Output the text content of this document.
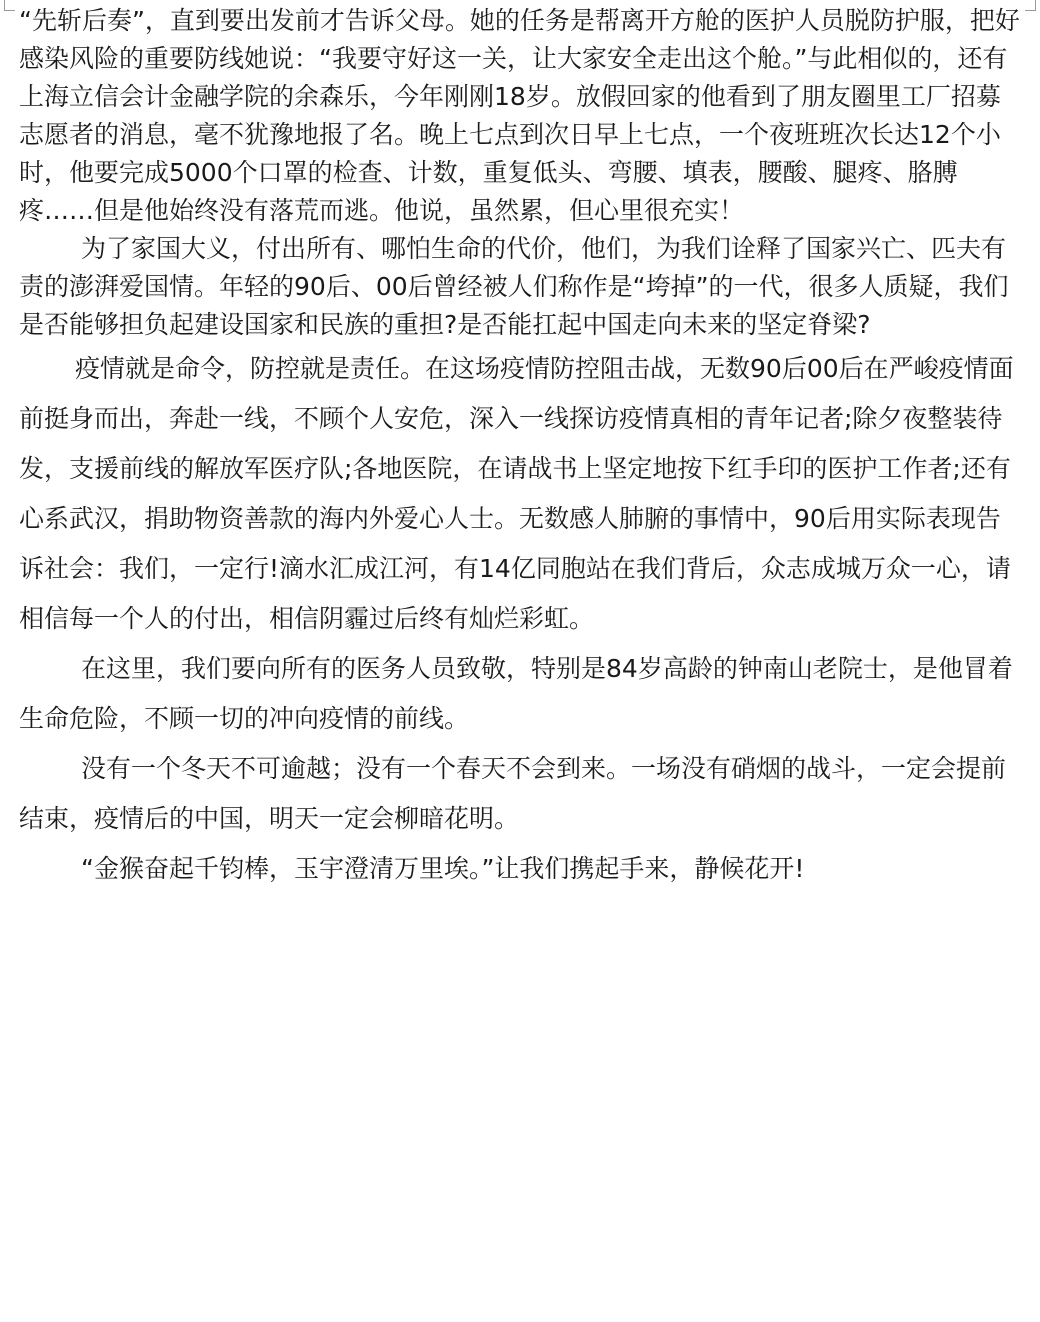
“先斩后奏”，直到要出发前才告诉父母。她的任务是帮离开方舱的医护人员脱防护服，把好感染风险的重要防线她说：“我要守好这一关，让大家安全走出这个舱。”与此相似的，还有上海立信会计金融学院的余森乐，今年刚刚18岁。放假回家的他看到了朋友圈里工厂招募志愿者的消息，毫不犹豫地报了名。晚上七点到次日早上七点，一个夜班班次长达12个小时，他要完成5000个口罩的检查、计数，重复低头、弯腰、填表，腰酸、腿疼、胳膊疼……但是他始终没有落荒而逃。他说，虽然累，但心里很充实！

为了家国大义，付出所有、哪怕生命的代价，他们，为我们诠释了国家兴亡、匹夫有责的澎湃爱国情。年轻的90后、00后曾经被人们称作是“垮掉”的一代，很多人质疑，我们是否能够担负起建设国家和民族的重担?是否能扛起中国走向未来的坚定脊梁?

疫情就是命令，防控就是责任。在这场疫情防控阻击战，无数90后00后在严峻疫情面前挺身而出，奔赴一线，不顾个人安危，深入一线探访疫情真相的青年记者;除夕夜整装待发，支援前线的解放军医疗队;各地医院，在请战书上坚定地按下红手印的医护工作者;还有心系武汉，捐助物资善款的海内外爱心人士。无数感人肺腑的事情中，90后用实际表现告诉社会：我们，一定行!滴水汇成江河，有14亿同胞站在我们背后，众志成城万众一心，请相信每一个人的付出，相信阴霾过后终有灿烂彩虹。

在这里，我们要向所有的医务人员致敬，特别是84岁高龄的钟南山老院士，是他冒着生命危险，不顾一切的冲向疫情的前线。

没有一个冬天不可逾越；没有一个春天不会到来。一场没有硝烟的战斗，一定会提前结束，疫情后的中国，明天一定会柳暗花明。

“金猴奋起千钧棒，玉宇澄清万里埃。”让我们携起手来，静候花开!
